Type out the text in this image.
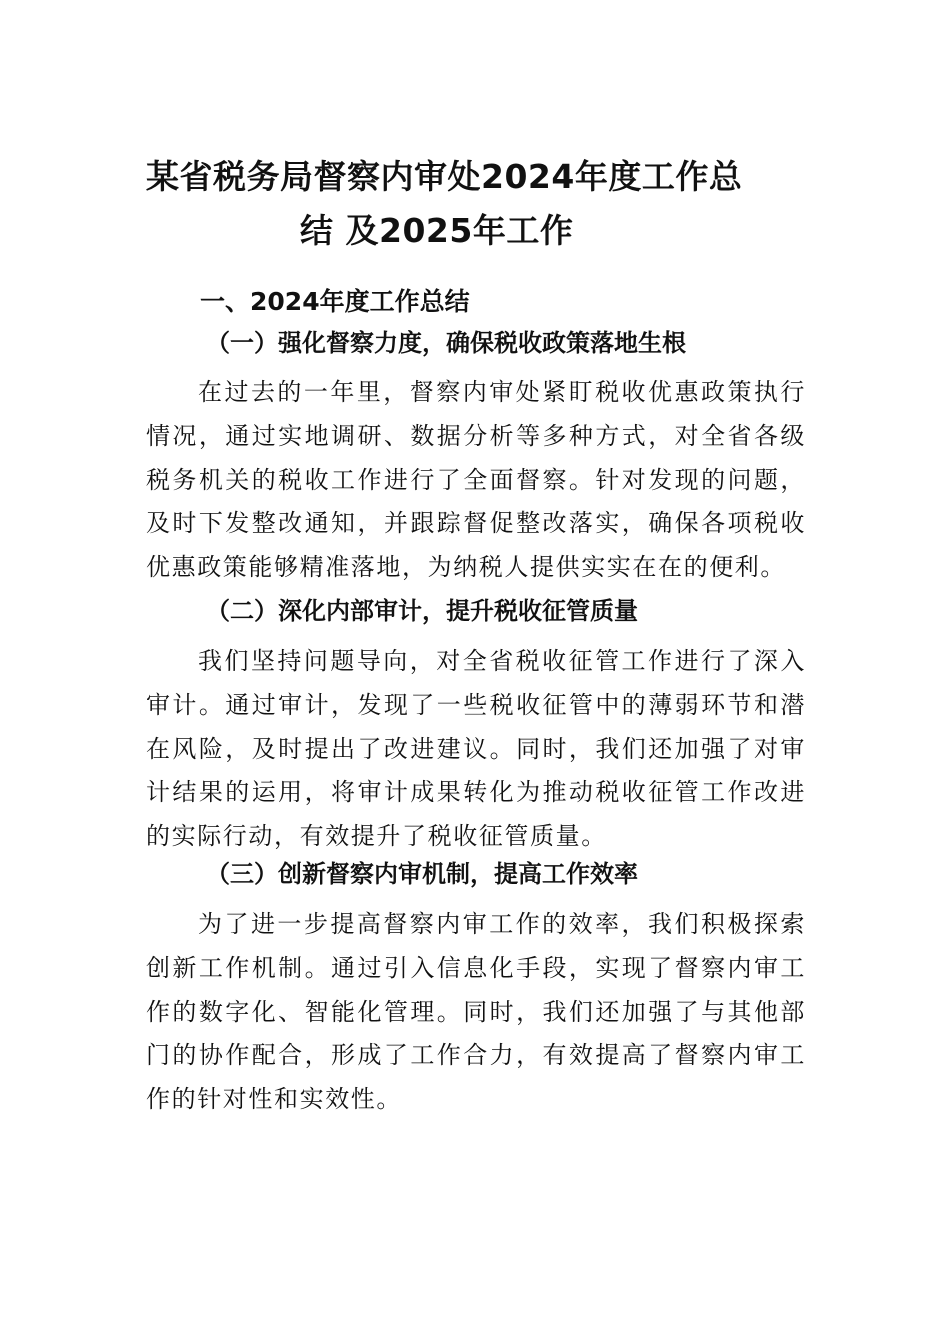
某省税务局督察内审处2024年度工作总
结 及2025年工作
一、2024年度工作总结
（一）强化督察力度，确保税收政策落地生根

在过去的一年里，督察内审处紧盯税收优惠政策执行情况，通过实地调研、数据分析等多种方式，对全省各级税务机关的税收工作进行了全面督察。针对发现的问题，及时下发整改通知，并跟踪督促整改落实，确保各项税收优惠政策能够精准落地，为纳税人提供实实在在的便利。

（二）深化内部审计，提升税收征管质量

我们坚持问题导向，对全省税收征管工作进行了深入审计。通过审计，发现了一些税收征管中的薄弱环节和潜在风险，及时提出了改进建议。同时，我们还加强了对审计结果的运用，将审计成果转化为推动税收征管工作改进的实际行动，有效提升了税收征管质量。

（三）创新督察内审机制，提高工作效率

为了进一步提高督察内审工作的效率，我们积极探索创新工作机制。通过引入信息化手段，实现了督察内审工作的数字化、智能化管理。同时，我们还加强了与其他部门的协作配合，形成了工作合力，有效提高了督察内审工作的针对性和实效性。
